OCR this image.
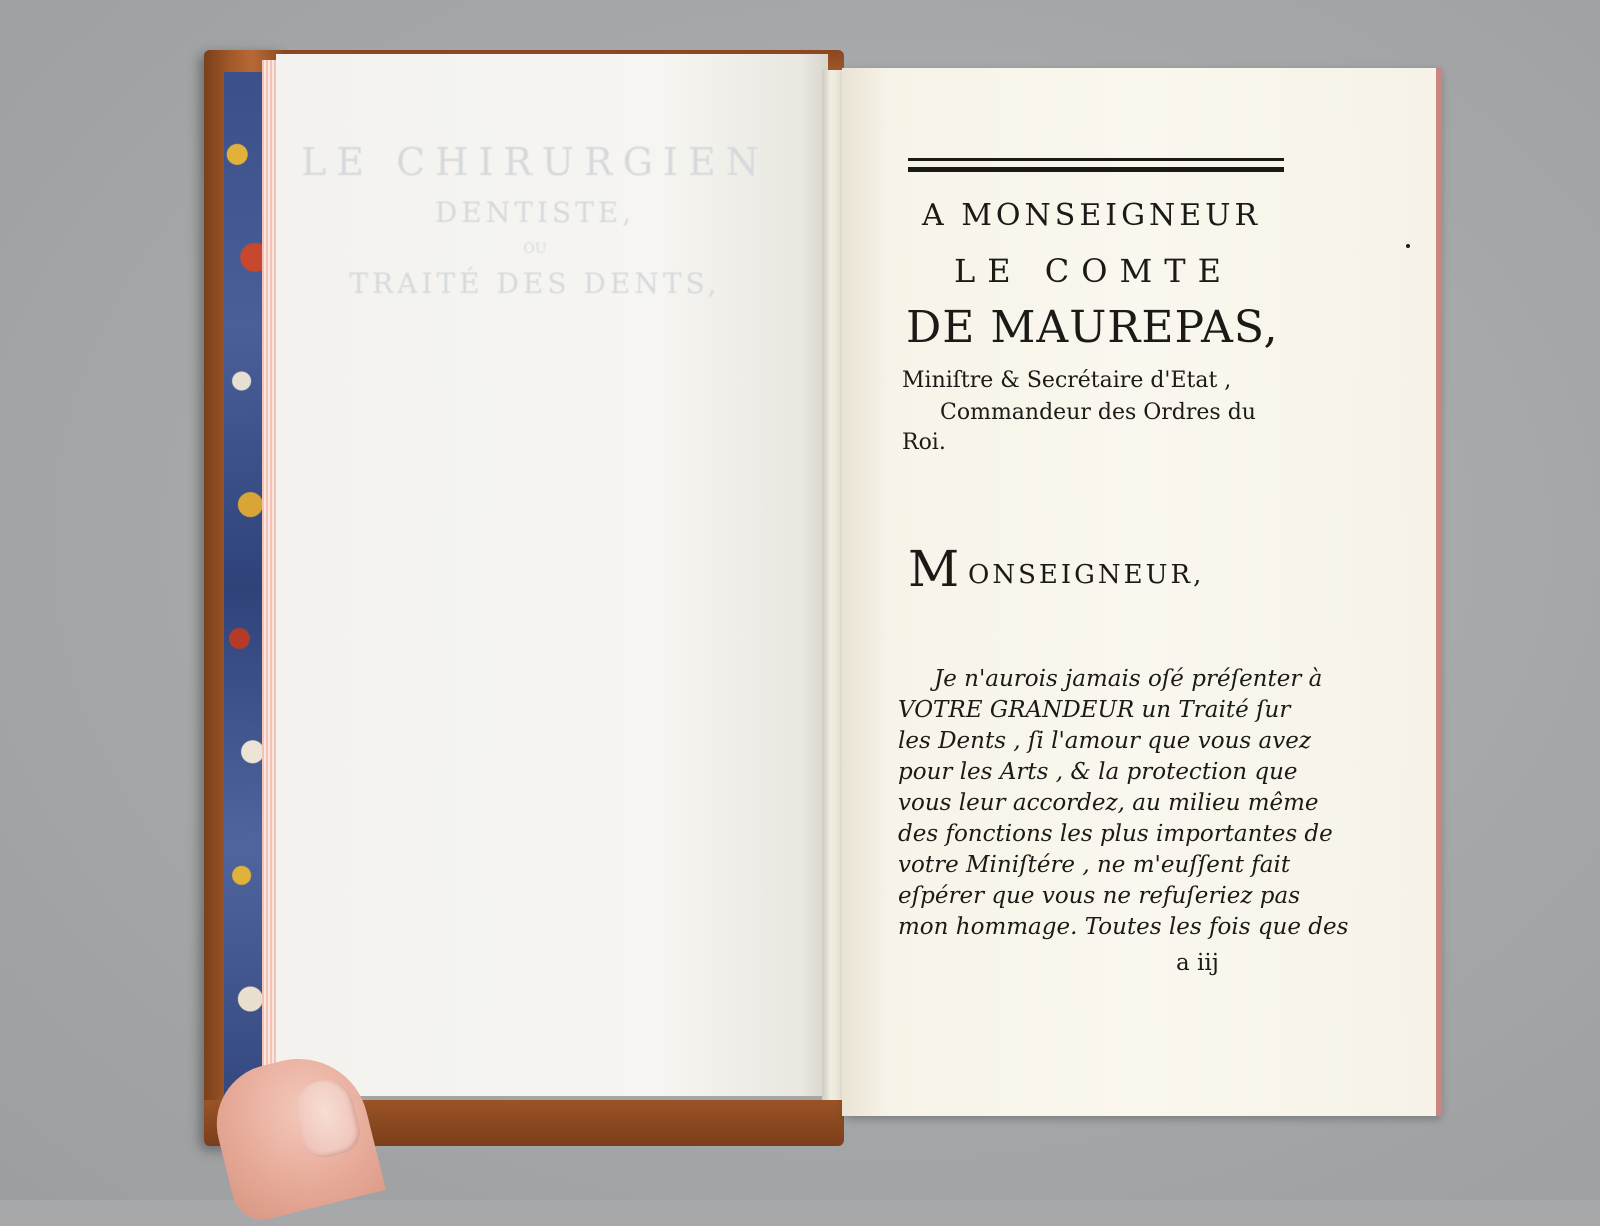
LE CHIRURGIEN
DENTISTE,
OU
TRAITÉ DES DENTS,
A MONSEIGNEUR
LE COMTE
DE MAUREPAS,
Miniſtre & Secrétaire d'Etat ,
Commandeur des Ordres du
Roi.
M ONSEIGNEUR,
Je n'aurois jamais oſé préſenter à
VOTRE GRANDEUR un Traité ſur
les Dents , ſi l'amour que vous avez
pour les Arts , & la protection que
vous leur accordez, au milieu même
des fonctions les plus importantes de
votre Miniſtére , ne m'euſſent fait
eſpérer que vous ne refuſeriez pas
mon hommage. Toutes les fois que des
a iij
